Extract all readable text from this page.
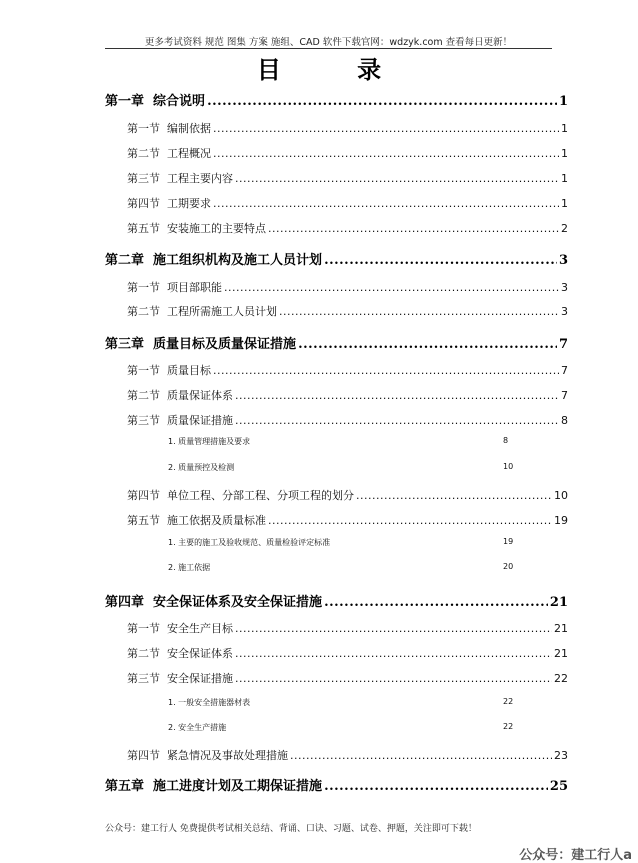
更多考试资料 规范 图集 方案 施组、CAD 软件下载官网：wdzyk.com 查看每日更新！
目 录
第一章  综合说明 .....	1
第一节  编制依据 .....	1
第二节  工程概况 .....	1
第三节  工程主要内容 .....	1
第四节  工期要求 .....	1
第五节  安装施工的主要特点 .....	2
第二章  施工组织机构及施工人员计划 .....	3
第一节  项目部职能 .....	3
第二节  工程所需施工人员计划 .....	3
第三章  质量目标及质量保证措施 .....	7
第一节  质量目标 .....	7
第二节  质量保证体系 .....	7
第三节  质量保证措施 .....	8
1. 质量管理措施及要求	8
2. 质量预控及检测	10
第四节  单位工程、分部工程、分项工程的划分 .....	10
第五节  施工依据及质量标准 .....	19
1. 主要的施工及验收规范、质量检验评定标准	19
2. 施工依据	20
第四章  安全保证体系及安全保证措施 .....	21
第一节  安全生产目标 .....	21
第二节  安全保证体系 .....	21
第三节  安全保证措施 .....	22
1. 一般安全措施器材表	22
2. 安全生产措施	22
第四节  紧急情况及事故处理措施 .....	23
第五章  施工进度计划及工期保证措施 .....	25
公众号：建工行人 免费提供考试相关总结、背诵、口诀、习题、试卷、押题，关注即可下载！
公众号：建工行人a
